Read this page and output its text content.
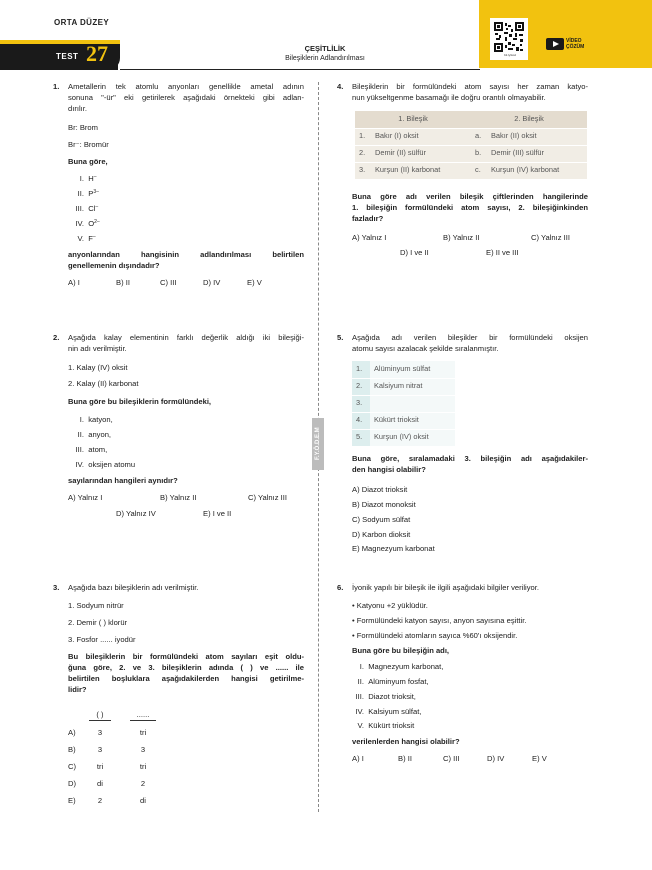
ORTA DÜZEY
TEST 27	ÇEŞİTLİLİK
Bileşiklerin Adlandırılması	bit.ly/kod
VİDEO
ÇÖZÜM
F.Y.Ö.D.E.M
1. Ametallerin tek atomlu anyonları genellikle ametal adının
sonuna "-ür" eki getirilerek aşağıdaki örnekteki gibi adlan-
dırılır.
Br: Brom
Br⁻: Bromür
Buna göre,
I. H–
II. $P^{3-}$
III. Cl–
IV. $O^{2-}$
V. F–
anyonlarından hangisinin adlandırılması belirtilen
genellemenin dışındadır?
A) I	B) II	C) III	D) IV	E) V
2. Aşağıda kalay elementinin farklı değerlik aldığı iki bileşiği-
nin adı verilmiştir.
1. Kalay (IV) oksit
2. Kalay (II) karbonat
Buna göre bu bileşiklerin formülündeki,
I. katyon,
II. anyon,
III. atom,
IV. oksijen atomu
sayılarından hangileri aynıdır?
A) Yalnız I	B) Yalnız II	C) Yalnız III
D) Yalnız IV	E) I ve II
3. Aşağıda bazı bileşiklerin adı verilmiştir.
1. Sodyum nitrür
2. Demir ( ) klorür
3. Fosfor ...... iyodür
Bu bileşiklerin bir formülündeki atom sayıları eşit oldu-
ğuna göre, 2. ve 3. bileşiklerin adında ( ) ve ...... ile
belirtilen boşluklara aşağıdakilerden hangisi getirilme-
lidir?
( )	......
A)	3	tri
B)	3	3
C)	tri	tri
D)	di	2
E)	2	di
4. Bileşiklerin bir formülündeki atom sayısı her zaman katyo-
nun yükseltgenme basamağı ile doğru orantılı olmayabilir.
1. Bileşik		2. Bileşik	
1.	Bakır (I) oksit	a.	Bakır (II) oksit
2.	Demir (II) sülfür	b.	Demir (III) sülfür
3.	Kurşun (II) karbonat	c.	Kurşun (IV) karbonat
Buna göre adı verilen bileşik çiftlerinden hangilerinde
1. bileşiğin formülündeki atom sayısı, 2. bileşiğinkinden
fazladır?
A) Yalnız I	B) Yalnız II	C) Yalnız III
D) I ve II	E) II ve III
5. Aşağıda adı verilen bileşikler bir formülündeki oksijen
atomu sayısı azalacak şekilde sıralanmıştır.
1.	Alüminyum sülfat
2.	Kalsiyum nitrat
3.	
4.	Kükürt trioksit
5.	Kurşun (IV) oksit
Buna göre, sıralamadaki 3. bileşiğin adı aşağıdakiler-
den hangisi olabilir?
A) Diazot trioksit
B) Diazot monoksit
C) Sodyum sülfat
D) Karbon dioksit
E) Magnezyum karbonat
6. İyonik yapılı bir bileşik ile ilgili aşağıdaki bilgiler veriliyor.
• Katyonu +2 yüklüdür.
• Formülündeki katyon sayısı, anyon sayısına eşittir.
• Formülündeki atomların sayıca %60'ı oksijendir.
Buna göre bu bileşiğin adı,
I. Magnezyum karbonat,
II. Alüminyum fosfat,
III. Diazot trioksit,
IV. Kalsiyum sülfat,
V. Kükürt trioksit
verilenlerden hangisi olabilir?
A) I	B) II	C) III	D) IV	E) V
